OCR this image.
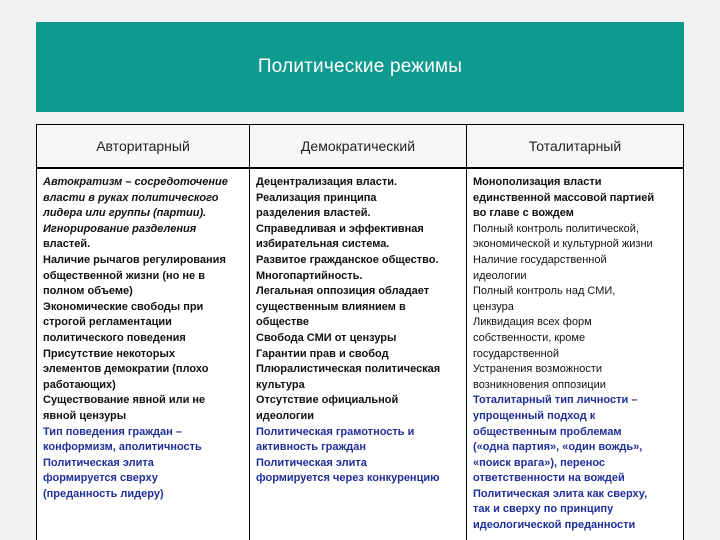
Политические режимы
Авторитарный	Демократический	Тоталитарный
Автократизм – сосредоточение
власти в руках политического
лидера или группы (партии).
Игнорирование разделения
властей.
Наличие рычагов регулирования
общественной жизни (но не в
полном объеме)
Экономические свободы при
строгой регламентации
политического поведения
Присутствие некоторых
элементов демократии (плохо
работающих)
Существование явной или не
явной цензуры
Тип поведения граждан –
конформизм, аполитичность
Политическая элита
формируется сверху
(преданность лидеру)
Децентрализация власти.
Реализация принципа
разделения властей.
Справедливая и эффективная
избирательная система.
Развитое гражданское общество.
Многопартийность.
Легальная оппозиция обладает
существенным влиянием в
обществе
Свобода СМИ от цензуры
Гарантии прав и свобод
Плюралистическая политическая
культура
Отсутствие официальной
идеологии
Политическая грамотность и
активность граждан
Политическая элита
формируется через конкуренцию
Монополизация власти
единственной массовой партией
во главе с вождем
Полный контроль политической,
экономической и культурной жизни
Наличие государственной
идеологии
Полный контроль над СМИ,
цензура
Ликвидация всех форм
собственности, кроме
государственной
Устранения возможности
возникновения оппозиции
Тоталитарный тип личности –
упрощенный подход к
общественным проблемам
(«одна партия», «один вождь»,
«поиск врага»), перенос
ответственности на вождей
Политическая элита как сверху,
так и сверху по принципу
идеологической преданности
